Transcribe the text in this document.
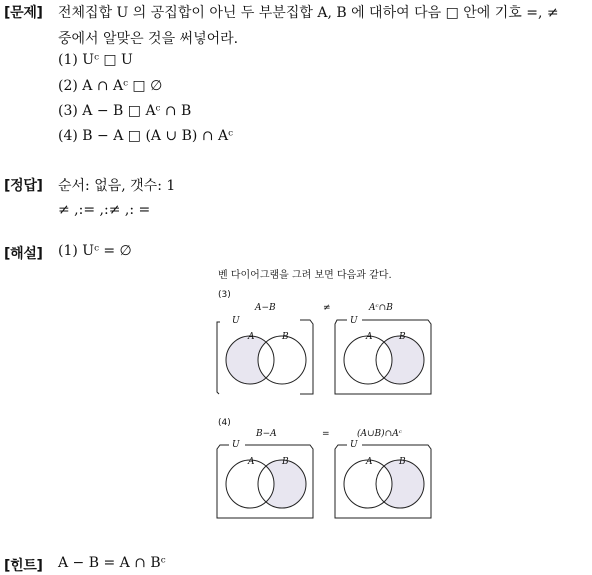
[문제] 전체집합 U 의 공집합이 아닌 두 부분집합 A, B 에 대하여 다음 □ 안에 기호 =, ≠
중에서 알맞은 것을 써넣어라.
(1) Uᶜ □ U
(2) A ∩ Aᶜ □ ∅
(3) A − B □ Aᶜ ∩ B
(4) B − A □ (A ∪ B) ∩ Aᶜ
[정답] 순서: 없음, 갯수: 1
≠ ,:= ,:≠ ,: =
[해설] (1) Uᶜ = ∅
벤 다이어그램을 그려 보면 다음과 같다.
(3)
A−B	≠	Aᶜ∩B
U
A	B
U
A	B
(4)
B−A	=	(A∪B)∩Aᶜ
U
A	B
U
A	B
[힌트] A − B = A ∩ Bᶜ
